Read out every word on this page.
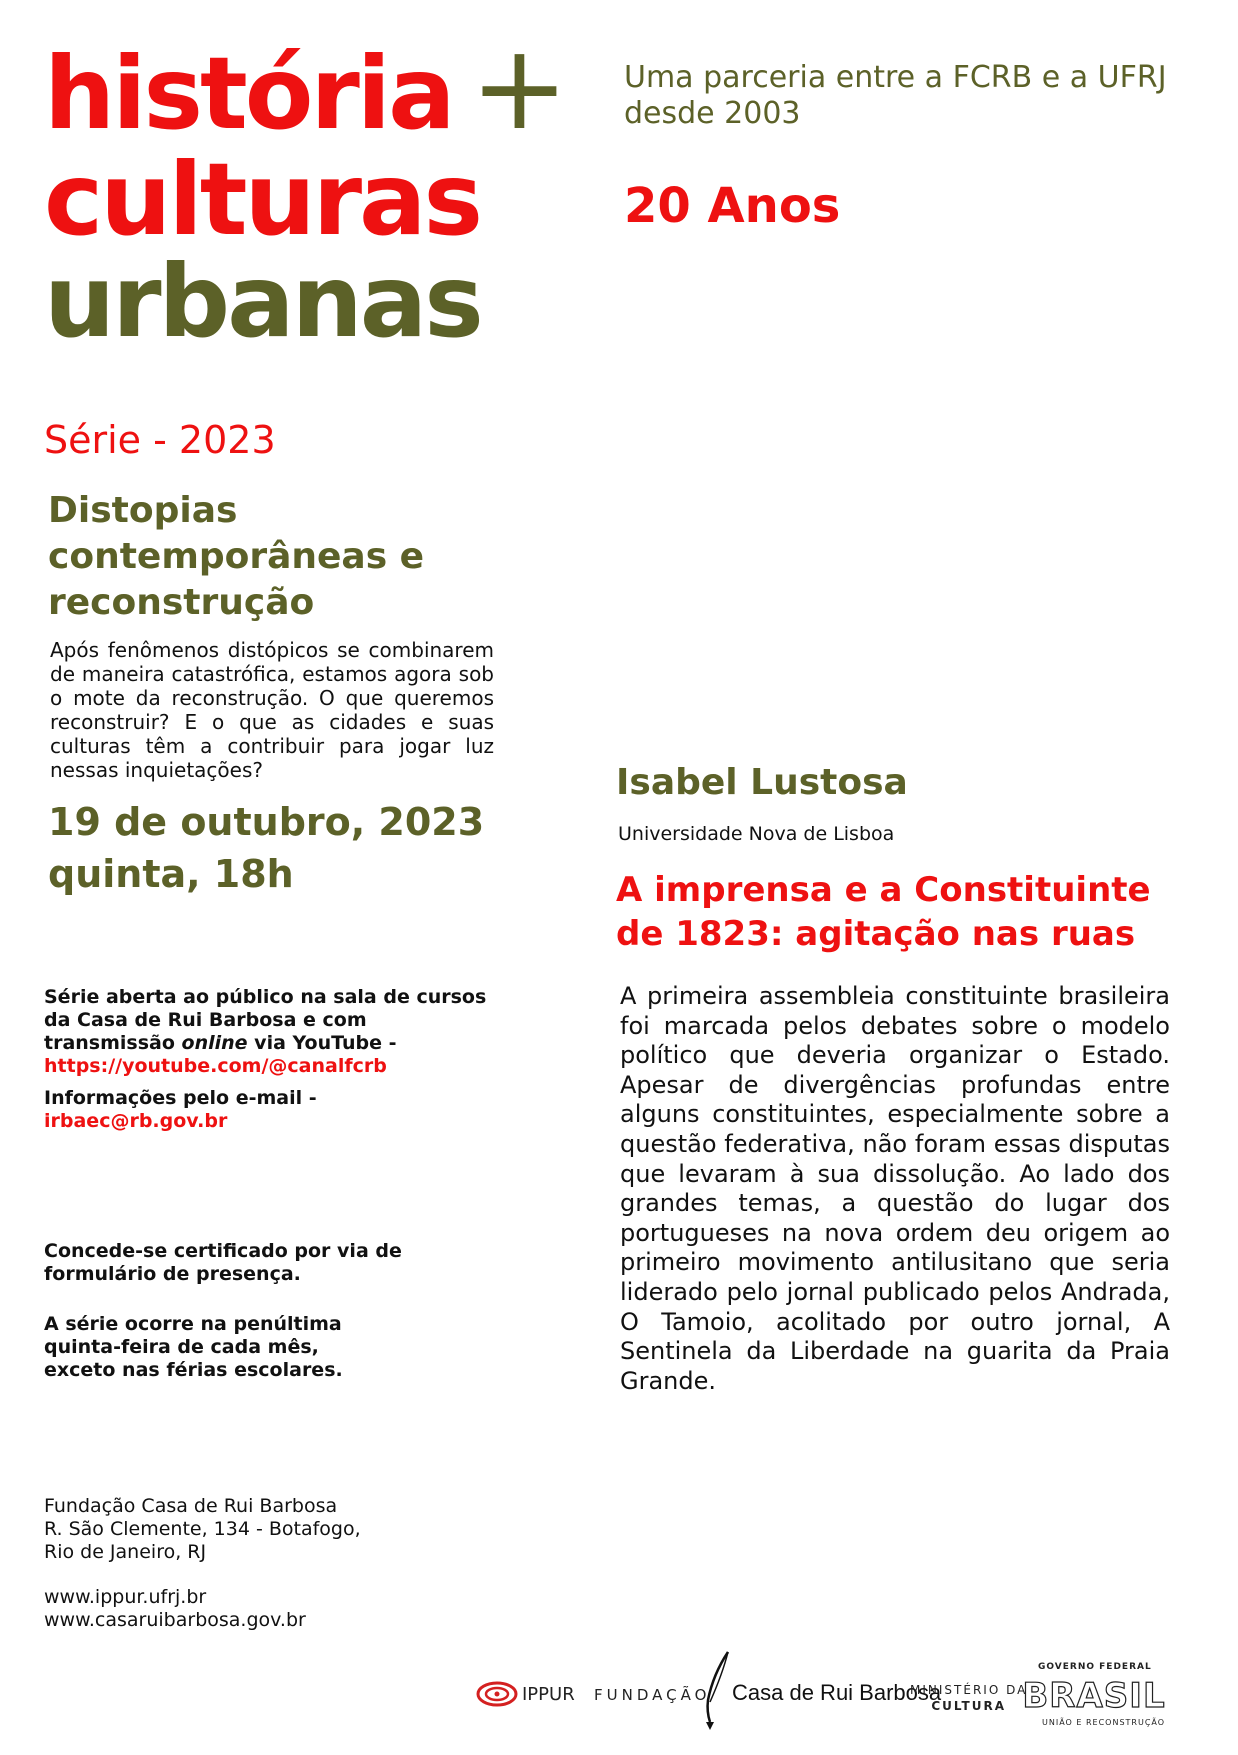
história +
culturas
urbanas
Uma parceria entre a FCRB e a UFRJ
desde 2003
20 Anos
Série - 2023
Distopias
contemporâneas e
reconstrução
Após fenômenos distópicos se combinarem de maneira catastrófica, estamos agora sob o mote da reconstrução. O que queremos reconstruir? E o que as cidades e suas culturas têm a contribuir para jogar luz nessas inquietações?
19 de outubro, 2023
quinta, 18h
Série aberta ao público na sala de cursos
da Casa de Rui Barbosa e com
transmissão online via YouTube -
https://youtube.com/@canalfcrb
Informações pelo e-mail -
irbaec@rb.gov.br
Concede-se certificado por via de formulário de presença.
A série ocorre na penúltima quinta-feira de cada mês, exceto nas férias escolares.
Fundação Casa de Rui Barbosa
R. São Clemente, 134 - Botafogo,
Rio de Janeiro, RJ
www.ippur.ufrj.br
www.casaruibarbosa.gov.br
Isabel Lustosa
Universidade Nova de Lisboa
A imprensa e a Constituinte
de 1823: agitação nas ruas
A primeira assembleia constituinte brasileira foi marcada pelos debates sobre o modelo político que deveria organizar o Estado. Apesar de divergências profundas entre alguns constituintes, especialmente sobre a questão federativa, não foram essas disputas que levaram à sua dissolução. Ao lado dos grandes temas, a questão do lugar dos portugueses na nova ordem deu origem ao primeiro movimento antilusitano que seria liderado pelo jornal publicado pelos Andrada, O Tamoio, acolitado por outro jornal, A Sentinela da Liberdade na guarita da Praia Grande.
IPPUR FUNDAÇÃO Casa de Rui Barbosa
MINISTÉRIO DA
CULTURA
GOVERNO FEDERAL
BRASIL
UNIÃO E RECONSTRUÇÃO
